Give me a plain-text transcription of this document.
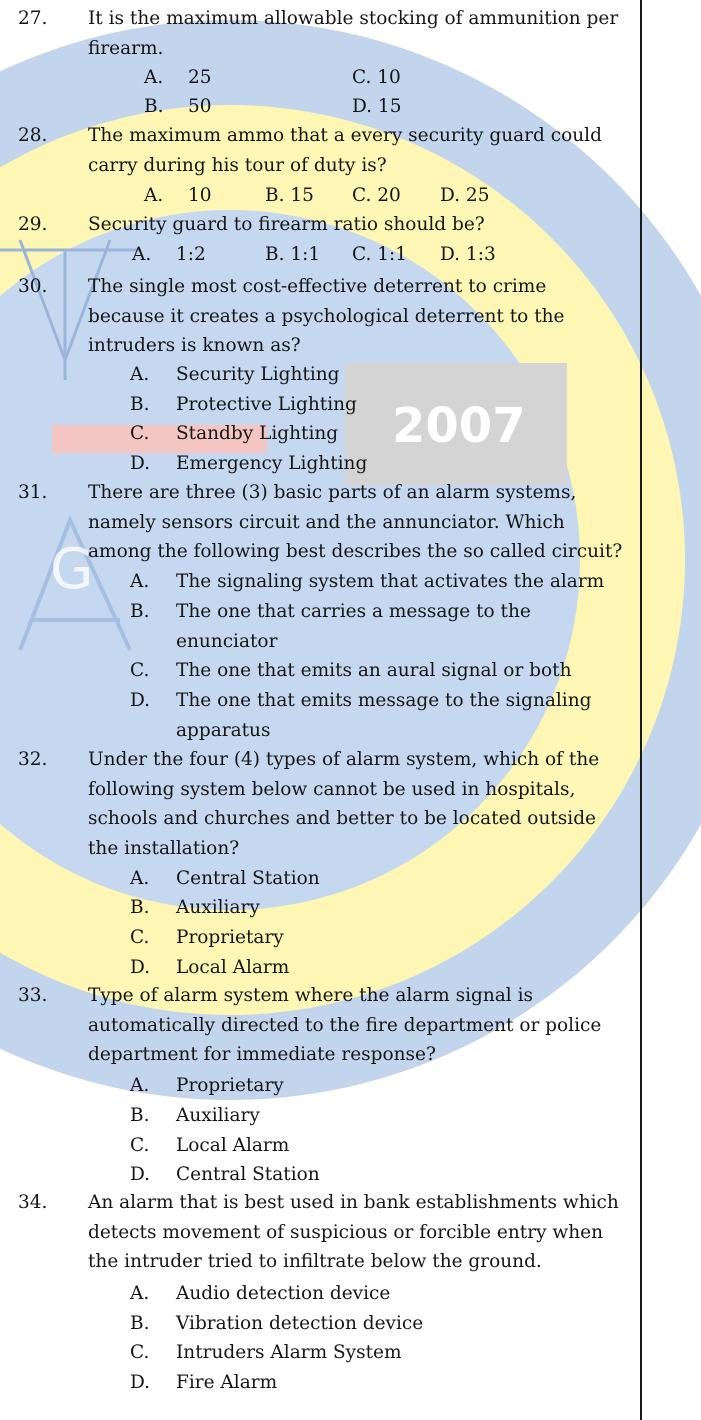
2007
G
27. It is the maximum allowable stocking of ammunition per
firearm.
28. The maximum ammo that a every security guard could
carry during his tour of duty is?
29. Security guard to firearm ratio should be?
30. The single most cost-effective deterrent to crime
because it creates a psychological deterrent to the
intruders is known as?
31. There are three (3) basic parts of an alarm systems,
namely sensors circuit and the annunciator. Which
among the following best describes the so called circuit?
32. Under the four (4) types of alarm system, which of the
following system below cannot be used in hospitals,
schools and churches and better to be located outside
the installation?
33. Type of alarm system where the alarm signal is
automatically directed to the fire department or police
department for immediate response?
34. An alarm that is best used in bank establishments which
detects movement of suspicious or forcible entry when
the intruder tried to infiltrate below the ground.
A. 25	C. 10
B. 50	D. 15
A. 10	B. 15 C. 20 D. 25
A. 1:2	B. 1:1 C. 1:1 D. 1:3
A. Security Lighting
B. Protective Lighting
C. Standby Lighting
D. Emergency Lighting
A. The signaling system that activates the alarm
B. The one that carries a message to the
enunciator
C. The one that emits an aural signal or both
D. The one that emits message to the signaling
apparatus
A. Central Station
B. Auxiliary
C. Proprietary
D. Local Alarm
A. Proprietary
B. Auxiliary
C. Local Alarm
D. Central Station
A. Audio detection device
B. Vibration detection device
C. Intruders Alarm System
D. Fire Alarm
